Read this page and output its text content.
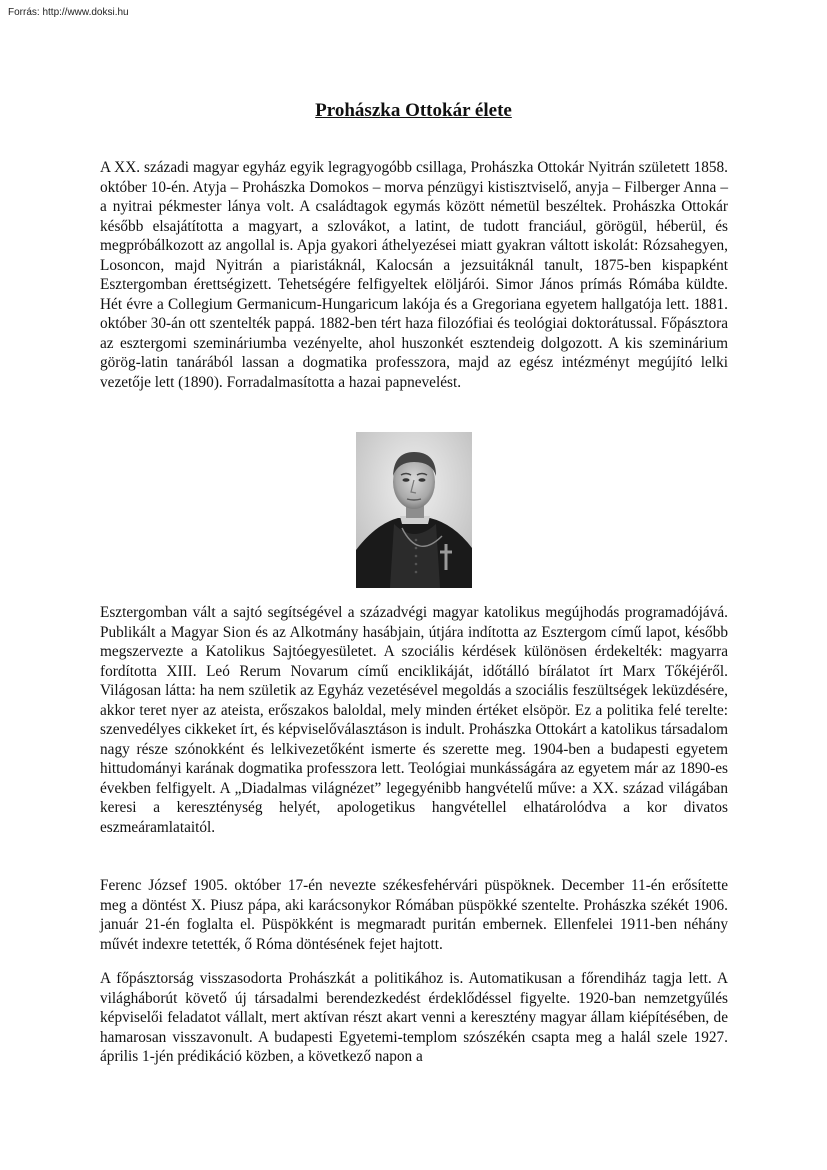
Forrás: http://www.doksi.hu
Prohászka Ottokár élete

A XX. századi magyar egyház egyik legragyogóbb csillaga, Prohászka Ottokár Nyitrán született 1858. október 10-én. Atyja – Prohászka Domokos – morva pénzügyi kistisztviselő, anyja – Filberger Anna – a nyitrai pékmester lánya volt. A családtagok egymás között németül beszéltek. Prohászka Ottokár később elsajátította a magyart, a szlovákot, a latint, de tudott franciául, görögül, héberül, és megpróbálkozott az angollal is. Apja gyakori áthelyezései miatt gyakran váltott iskolát: Rózsahegyen, Losoncon, majd Nyitrán a piaristáknál, Kalocsán a jezsuitáknál tanult, 1875-ben kispapként Esztergomban érettségizett. Tehetségére felfigyeltek elöljárói. Simor János prímás Rómába küldte. Hét évre a Collegium Germanicum-Hungaricum lakója és a Gregoriana egyetem hallgatója lett. 1881. október 30-án ott szentelték pappá. 1882-ben tért haza filozófiai és teológiai doktorátussal. Főpásztora az esztergomi szemináriumba vezényelte, ahol huszonkét esztendeig dolgozott. A kis szeminárium görög-latin tanárából lassan a dogmatika professzora, majd az egész intézményt megújító lelki vezetője lett (1890). Forradalmasította a hazai papnevelést.

Esztergomban vált a sajtó segítségével a századvégi magyar katolikus megújhodás programadójává. Publikált a Magyar Sion és az Alkotmány hasábjain, útjára indította az Esztergom című lapot, később megszervezte a Katolikus Sajtóegyesületet. A szociális kérdések különösen érdekelték: magyarra fordította XIII. Leó Rerum Novarum című enciklikáját, időtálló bírálatot írt Marx Tőkéjéről. Világosan látta: ha nem születik az Egyház vezetésével megoldás a szociális feszültségek leküzdésére, akkor teret nyer az ateista, erőszakos baloldal, mely minden értéket elsöpör. Ez a politika felé terelte: szenvedélyes cikkeket írt, és képviselőválasztáson is indult. Prohászka Ottokárt a katolikus társadalom nagy része szónokként és lelkivezetőként ismerte és szerette meg. 1904-ben a budapesti egyetem hittudományi karának dogmatika professzora lett. Teológiai munkásságára az egyetem már az 1890-es években felfigyelt. A „Diadalmas világnézet” legegyénibb hangvételű műve: a XX. század világában keresi a kereszténység helyét, apologetikus hangvétellel elhatárolódva a kor divatos eszmeáramlataitól.

Ferenc József 1905. október 17-én nevezte székesfehérvári püspöknek. December 11-én erősítette meg a döntést X. Piusz pápa, aki karácsonykor Rómában püspökké szentelte. Prohászka székét 1906. január 21-én foglalta el. Püspökként is megmaradt puritán embernek. Ellenfelei 1911-ben néhány művét indexre tetették, ő Róma döntésének fejet hajtott.

A főpásztorság visszasodorta Prohászkát a politikához is. Automatikusan a főrendiház tagja lett. A világháborút követő új társadalmi berendezkedést érdeklődéssel figyelte. 1920-ban nemzetgyűlés képviselői feladatot vállalt, mert aktívan részt akart venni a keresztény magyar állam kiépítésében, de hamarosan visszavonult. A budapesti Egyetemi-templom szószékén csapta meg a halál szele 1927. április 1-jén prédikáció közben, a következő napon a
